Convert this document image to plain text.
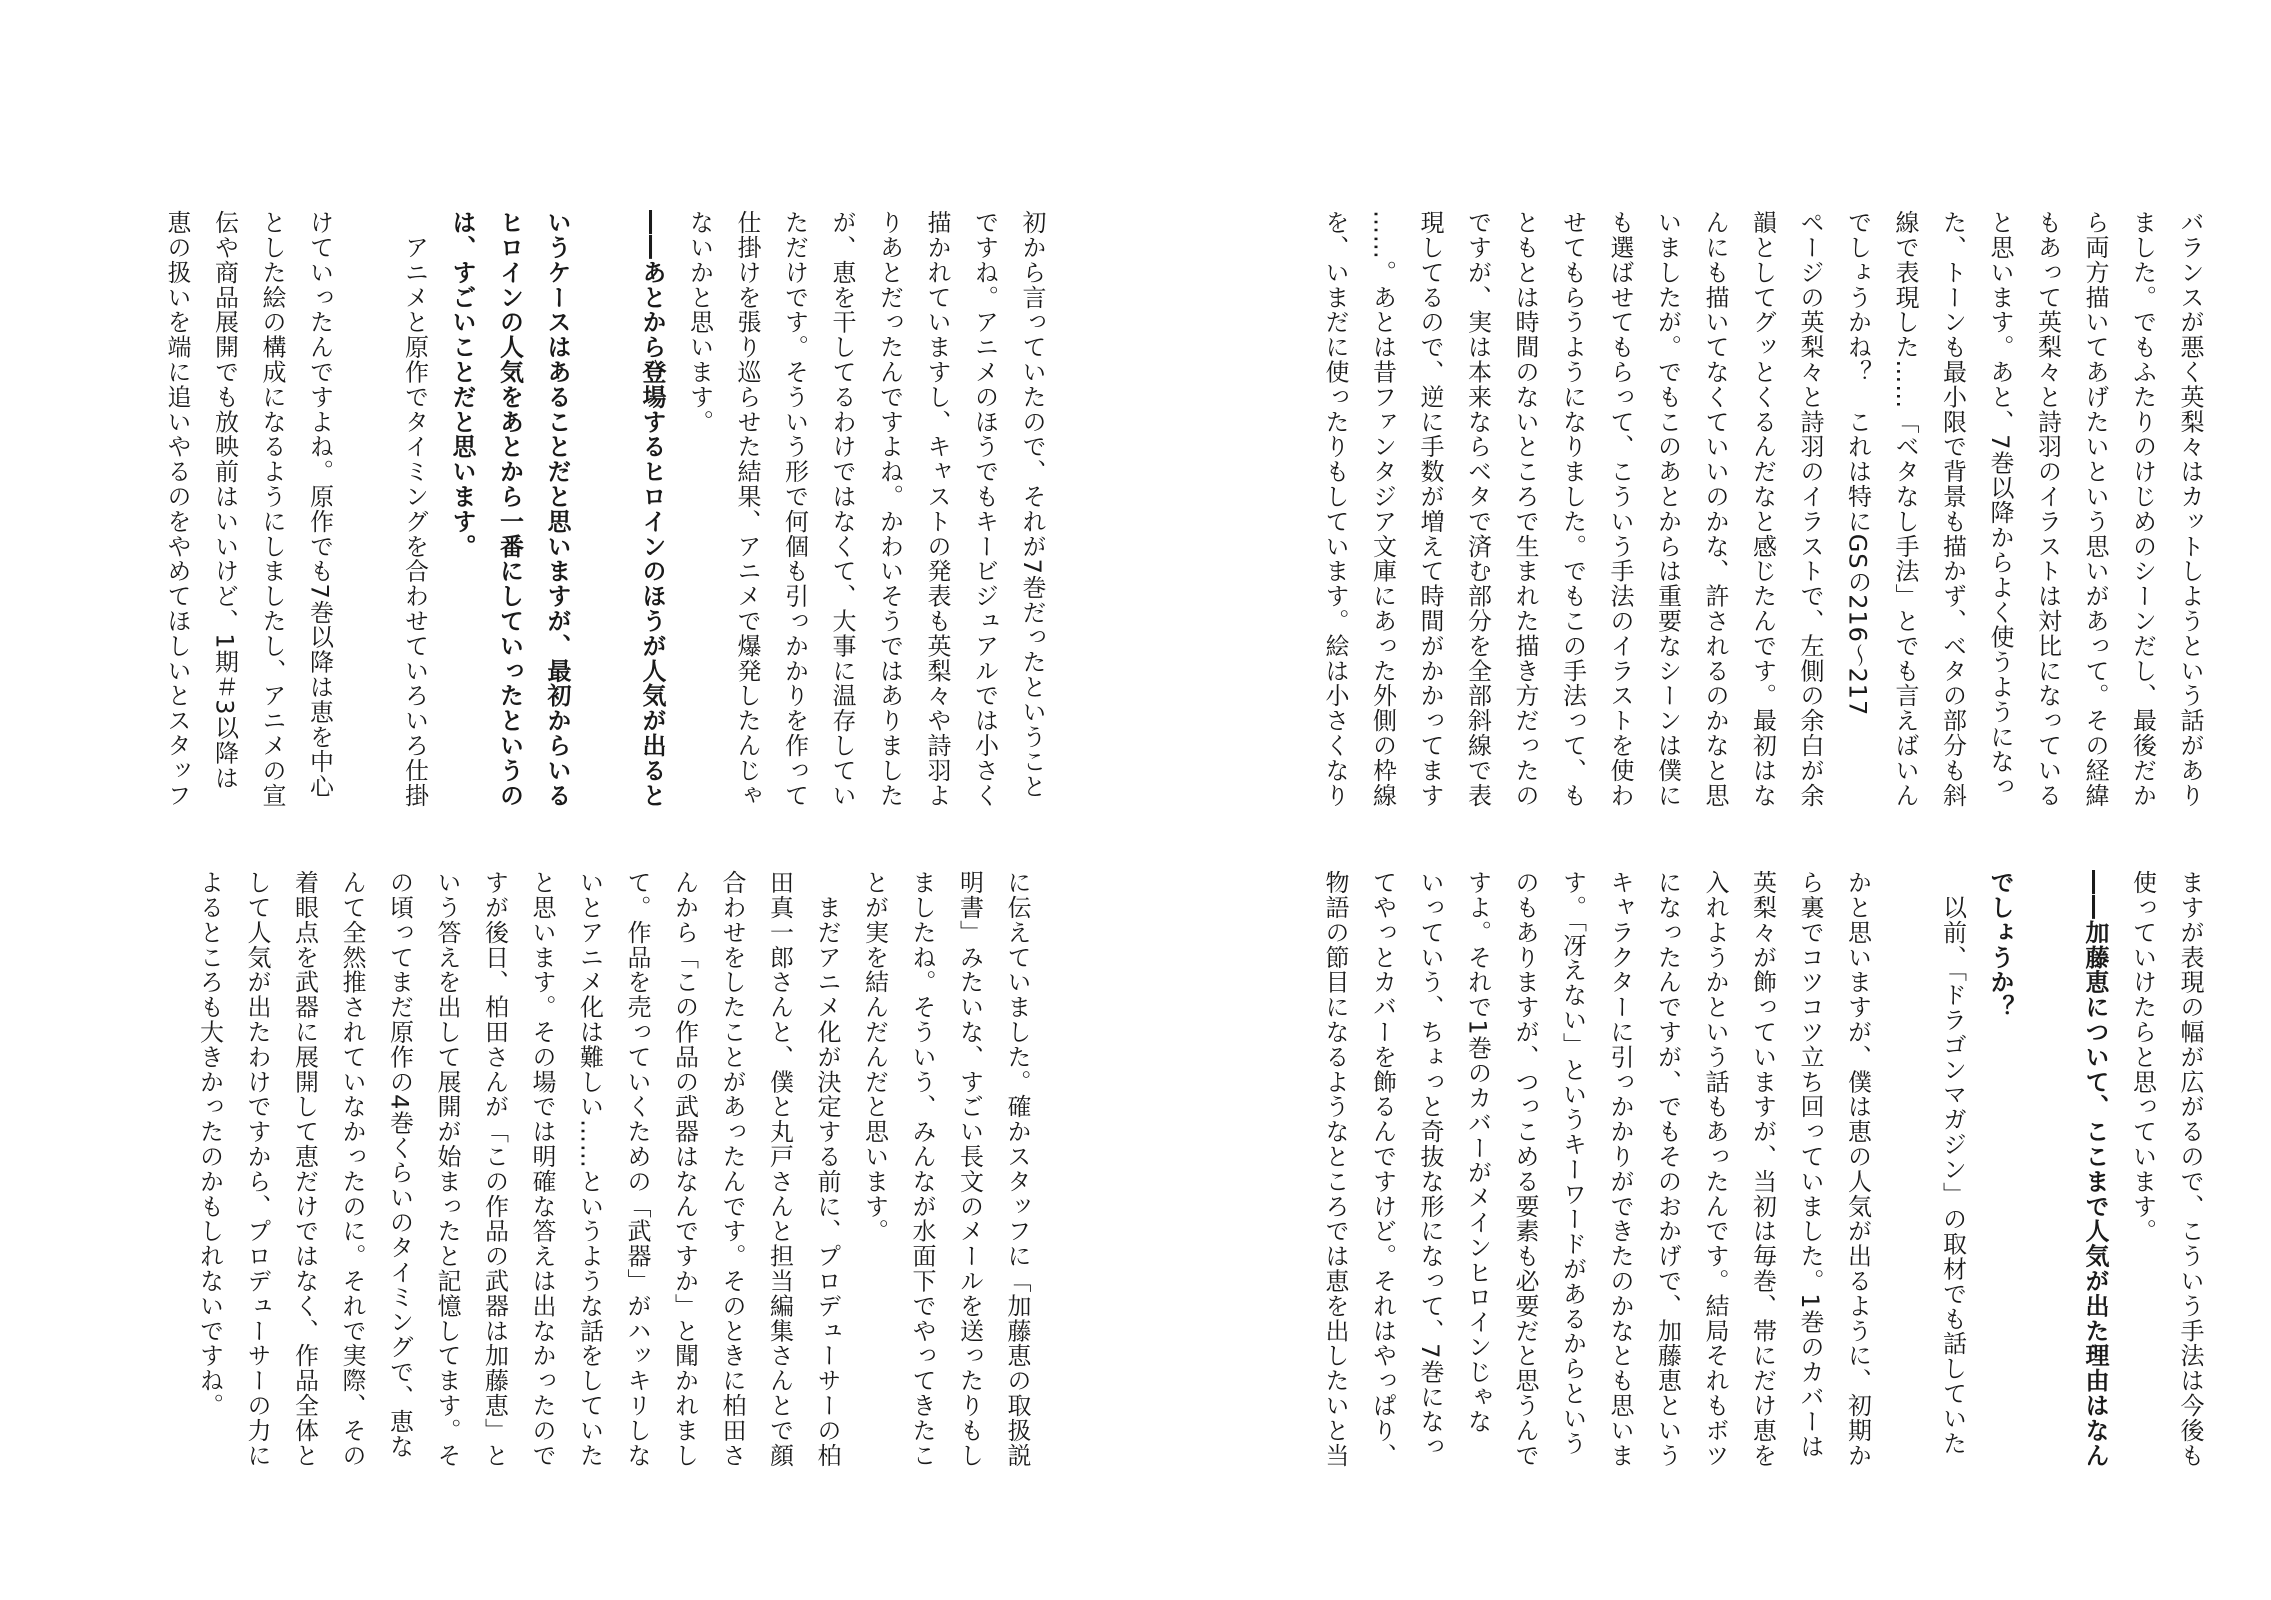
バランスが悪く英梨々はカットしようという話があり

ました。でもふたりのけじめのシーンだし、最後だか

ら両方描いてあげたいという思いがあって。その経緯

もあって英梨々と詩羽のイラストは対比になっている

と思います。あと、7巻以降からよく使うようになっ

た、トーンも最小限で背景も描かず、ベタの部分も斜

線で表現した……「ベタなし手法」とでも言えばいん

でしょうかね？　これは特にGSの216〜217

ページの英梨々と詩羽のイラストで、左側の余白が余

韻としてグッとくるんだなと感じたんです。最初はな

んにも描いてなくていいのかな、許されるのかなと思

いましたが。でもこのあとからは重要なシーンは僕に

も選ばせてもらって、こういう手法のイラストを使わ

せてもらうようになりました。でもこの手法って、も

ともとは時間のないところで生まれた描き方だったの

ですが、実は本来ならベタで済む部分を全部斜線で表

現してるので、逆に手数が増えて時間がかかってます

……。あとは昔ファンタジア文庫にあった外側の枠線

を、いまだに使ったりもしています。絵は小さくなり

ますが表現の幅が広がるので、こういう手法は今後も

使っていけたらと思っています。

――加藤恵について、ここまで人気が出た理由はなん

でしょうか？

　以前、「ドラゴンマガジン」の取材でも話していた

かと思いますが、僕は恵の人気が出るように、初期か

ら裏でコツコツ立ち回っていました。1巻のカバーは

英梨々が飾っていますが、当初は毎巻、帯にだけ恵を

入れようかという話もあったんです。結局それもボツ

になったんですが、でもそのおかげで、加藤恵という

キャラクターに引っかかりができたのかなとも思いま

す。「冴えない」というキーワードがあるからという

のもありますが、つっこめる要素も必要だと思うんで

すよ。それで1巻のカバーがメインヒロインじゃな

いっていう、ちょっと奇抜な形になって、7巻になっ

てやっとカバーを飾るんですけど。それはやっぱり、

物語の節目になるようなところでは恵を出したいと当

初から言っていたので、それが7巻だったということ

ですね。アニメのほうでもキービジュアルでは小さく

描かれていますし、キャストの発表も英梨々や詩羽よ

りあとだったんですよね。かわいそうではありました

が、恵を干してるわけではなくて、大事に温存してい

ただけです。そういう形で何個も引っかかりを作って

仕掛けを張り巡らせた結果、アニメで爆発したんじゃ

ないかと思います。

――あとから登場するヒロインのほうが人気が出ると

いうケースはあることだと思いますが、最初からいる

ヒロインの人気をあとから一番にしていったというの

は、すごいことだと思います。

　アニメと原作でタイミングを合わせていろいろ仕掛

けていったんですよね。原作でも7巻以降は恵を中心

とした絵の構成になるようにしましたし、アニメの宣

伝や商品展開でも放映前はいいけど、1期＃3以降は

恵の扱いを端に追いやるのをやめてほしいとスタッフ

に伝えていました。確かスタッフに「加藤恵の取扱説

明書」みたいな、すごい長文のメールを送ったりもし

ましたね。そういう、みんなが水面下でやってきたこ

とが実を結んだんだと思います。

　まだアニメ化が決定する前に、プロデューサーの柏

田真一郎さんと、僕と丸戸さんと担当編集さんとで顔

合わせをしたことがあったんです。そのときに柏田さ

んから「この作品の武器はなんですか」と聞かれまし

て。作品を売っていくための「武器」がハッキリしな

いとアニメ化は難しい……というような話をしていた

と思います。その場では明確な答えは出なかったので

すが後日、柏田さんが「この作品の武器は加藤恵」と

いう答えを出して展開が始まったと記憶してます。そ

の頃ってまだ原作の4巻くらいのタイミングで、恵な

んて全然推されていなかったのに。それで実際、その

着眼点を武器に展開して恵だけではなく、作品全体と

して人気が出たわけですから、プロデューサーの力に

よるところも大きかったのかもしれないですね。
